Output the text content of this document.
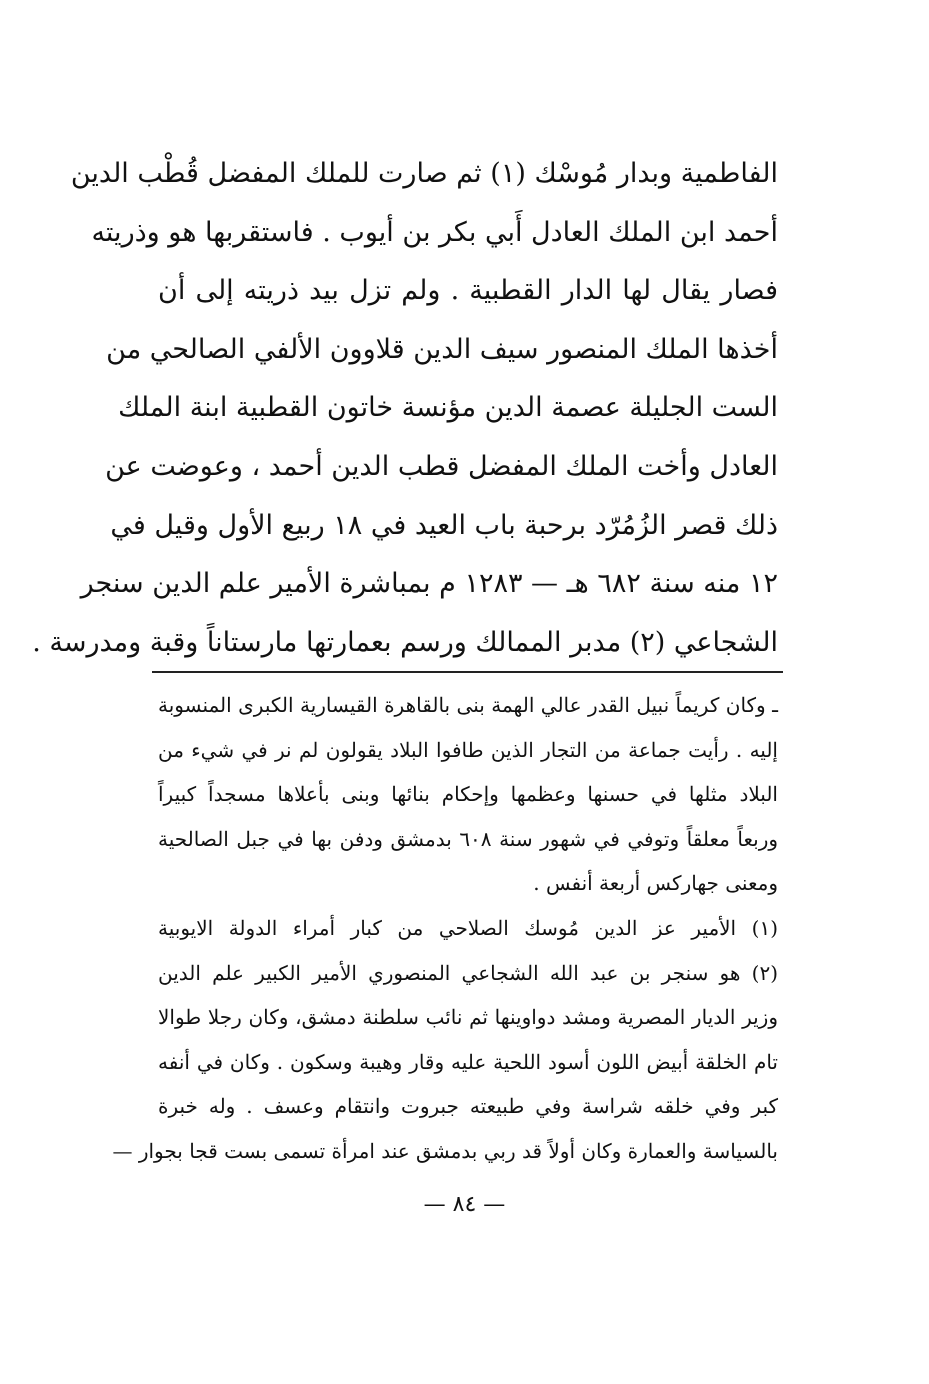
الفاطمية وبدار مُوسْك (١) ثم صارت للملك المفضل قُطْب الدين
أحمد ابن الملك العادل أَبي بكر بن أيوب . فاستقربها هو وذريته
فصار يقال لها الدار القطبية . ولم تزل بيد ذريته إلى أن
أخذها الملك المنصور سيف الدين قلاوون الألفي الصالحي من
الست الجليلة عصمة الدين مؤنسة خاتون القطبية ابنة الملك
العادل وأخت الملك المفضل قطب الدين أحمد ، وعوضت عن
ذلك قصر الزُمُرّد برحبة باب العيد في ١٨ ربيع الأول وقيل في
١٢ منه سنة ٦٨٢ هـ — ١٢٨٣ م بمباشرة الأمير علم الدين سنجر
الشجاعي (٢) مدبر الممالك ورسم بعمارتها مارستاناً وقبة ومدرسة .
ـ وكان كريماً نبيل القدر عالي الهمة بنى بالقاهرة القيسارية الكبرى المنسوبة
إليه . رأيت جماعة من التجار الذين طافوا البلاد يقولون لم نر في شيء من
البلاد مثلها في حسنها وعظمها وإحكام بنائها وبنى بأعلاها مسجداً كبيراً
وربعاً معلقاً وتوفي في شهور سنة ٦٠٨ بدمشق ودفن بها في جبل الصالحية
ومعنى جهاركس أربعة أنفس .
(١) الأمير عز الدين مُوسك الصلاحي من كبار أمراء الدولة الايوبية
(٢) هو سنجر بن عبد الله الشجاعي المنصوري الأمير الكبير علم الدين
وزير الديار المصرية ومشد دواوينها ثم نائب سلطنة دمشق، وكان رجلا طوالا
تام الخلقة أبيض اللون أسود اللحية عليه وقار وهيبة وسكون . وكان في أنفه
كبر وفي خلقه شراسة وفي طبيعته جبروت وانتقام وعسف . وله خبرة
بالسياسة والعمارة وكان أولاً قد ربي بدمشق عند امرأة تسمى بست قجا بجوار —
— ٨٤ —
